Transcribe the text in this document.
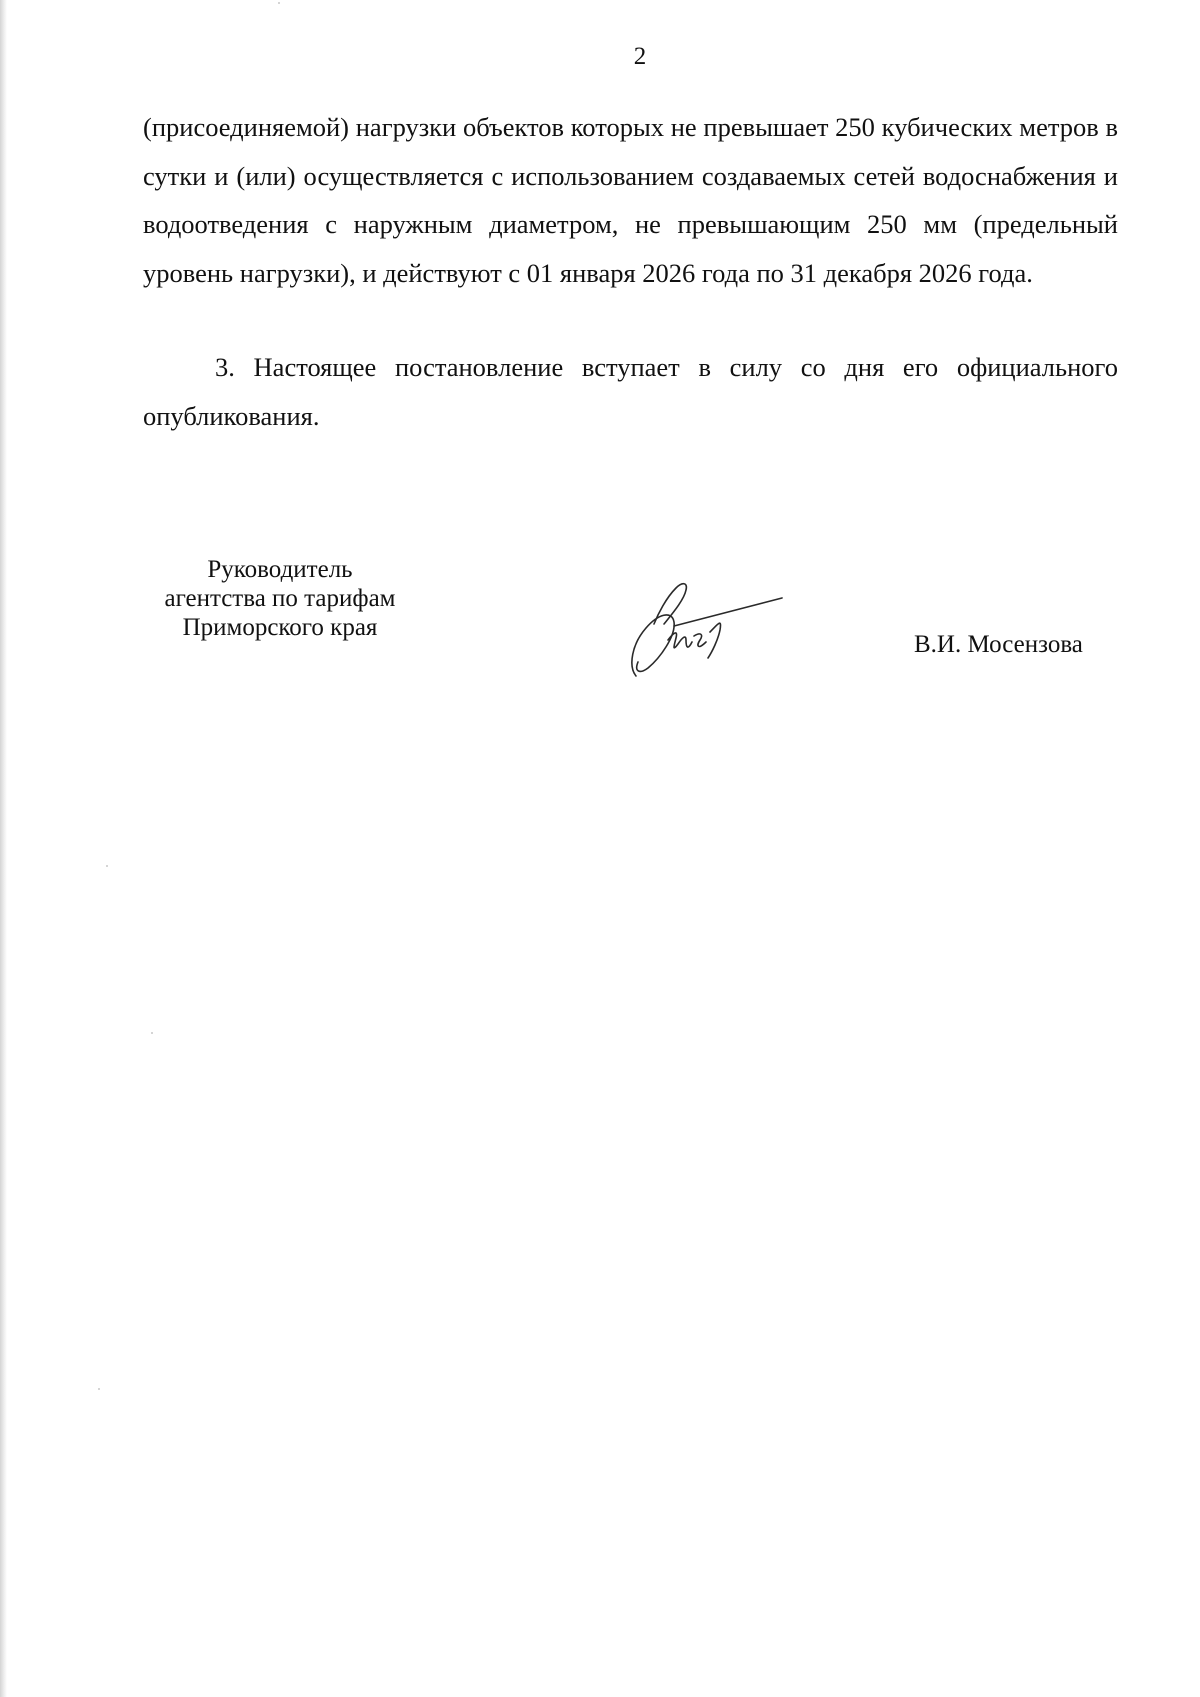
2

(присоединяемой) нагрузки объектов которых не превышает 250 кубических метров в сутки и (или) осуществляется с использованием создаваемых сетей водоснабжения и водоотведения с наружным диаметром, не превышающим 250 мм (предельный уровень нагрузки), и действуют с 01 января 2026 года по 31 декабря 2026 года.

3. Настоящее постановление вступает в силу со дня его официального опубликования.

Руководитель
агентства по тарифам
Приморского края
В.И. Мосензова
